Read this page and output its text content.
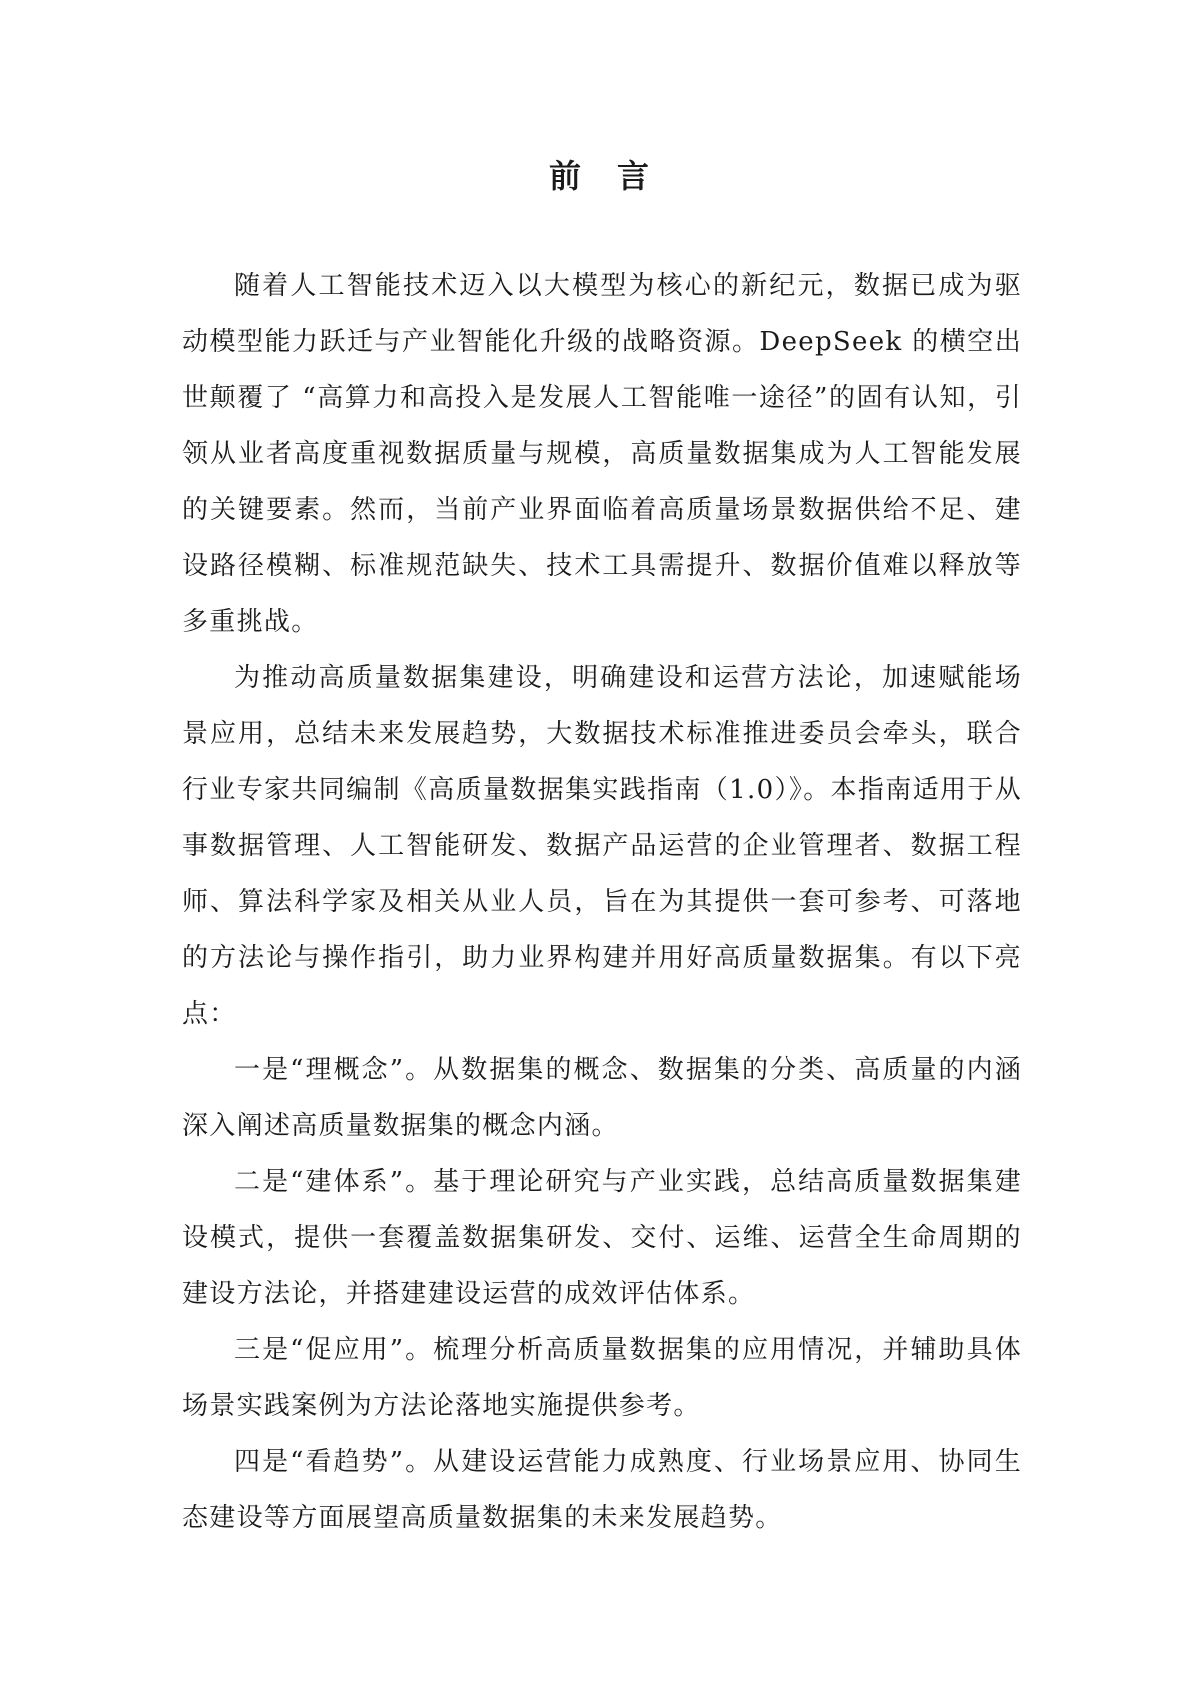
前　言

随着人工智能技术迈入以大模型为核心的新纪元，数据已成为驱动模型能力跃迁与产业智能化升级的战略资源。DeepSeek 的横空出世颠覆了 “高算力和高投入是发展人工智能唯一途径”的固有认知，引领从业者高度重视数据质量与规模，高质量数据集成为人工智能发展的关键要素。然而，当前产业界面临着高质量场景数据供给不足、建设路径模糊、标准规范缺失、技术工具需提升、数据价值难以释放等多重挑战。

为推动高质量数据集建设，明确建设和运营方法论，加速赋能场景应用，总结未来发展趋势，大数据技术标准推进委员会牵头，联合行业专家共同编制《高质量数据集实践指南（1.0）》。本指南适用于从事数据管理、人工智能研发、数据产品运营的企业管理者、数据工程师、算法科学家及相关从业人员，旨在为其提供一套可参考、可落地的方法论与操作指引，助力业界构建并用好高质量数据集。有以下亮点：

一是“理概念”。从数据集的概念、数据集的分类、高质量的内涵深入阐述高质量数据集的概念内涵。

二是“建体系”。基于理论研究与产业实践，总结高质量数据集建设模式，提供一套覆盖数据集研发、交付、运维、运营全生命周期的建设方法论，并搭建建设运营的成效评估体系。

三是“促应用”。梳理分析高质量数据集的应用情况，并辅助具体场景实践案例为方法论落地实施提供参考。

四是“看趋势”。从建设运营能力成熟度、行业场景应用、协同生态建设等方面展望高质量数据集的未来发展趋势。
